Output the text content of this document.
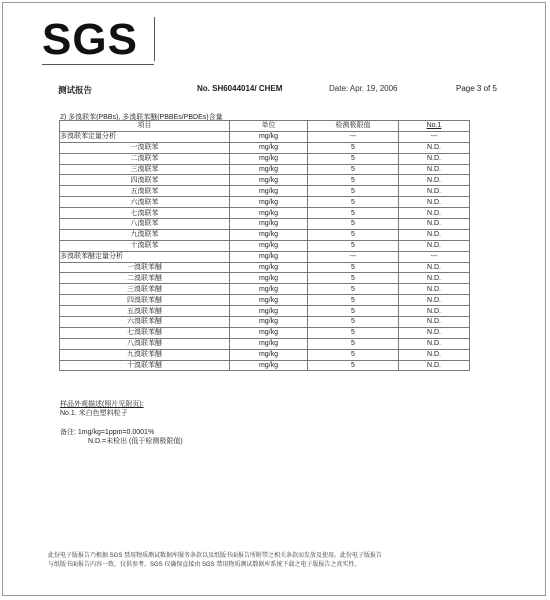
SGS
测试报告	No. SH6044014/ CHEM	Date: Apr. 19, 2006	Page 3 of 5
2) 多溴联苯(PBBs), 多溴联苯醚(PBBEs/PBDEs)含量
项目	单位	检测极限值	No.1
多溴联苯定量分析	mg/kg	---	---
一溴联苯	mg/kg	5	N.D.
二溴联苯	mg/kg	5	N.D.
三溴联苯	mg/kg	5	N.D.
四溴联苯	mg/kg	5	N.D.
五溴联苯	mg/kg	5	N.D.
六溴联苯	mg/kg	5	N.D.
七溴联苯	mg/kg	5	N.D.
八溴联苯	mg/kg	5	N.D.
九溴联苯	mg/kg	5	N.D.
十溴联苯	mg/kg	5	N.D.
多溴联苯醚定量分析	mg/kg	---	---
一溴联苯醚	mg/kg	5	N.D.
二溴联苯醚	mg/kg	5	N.D.
三溴联苯醚	mg/kg	5	N.D.
四溴联苯醚	mg/kg	5	N.D.
五溴联苯醚	mg/kg	5	N.D.
六溴联苯醚	mg/kg	5	N.D.
七溴联苯醚	mg/kg	5	N.D.
八溴联苯醚	mg/kg	5	N.D.
九溴联苯醚	mg/kg	5	N.D.
十溴联苯醚	mg/kg	5	N.D.
样品外观描述(照片见附页):
No.1. 米白色塑料粒子
备注: 1mg/kg=1ppm=0.0001%
N.D.=未检出 (低于检测极限值)
此份电子版报告乃根据 SGS 禁用物质测试数据库服务条款以及纸版书面报告所附带之相关条款而发放及使用。此份电子版报告
与纸版书面报告内容一致，仅供参考。SGS 仅确保直接由 SGS 禁用物质测试数据库系统下载之电子版报告之真实性。
